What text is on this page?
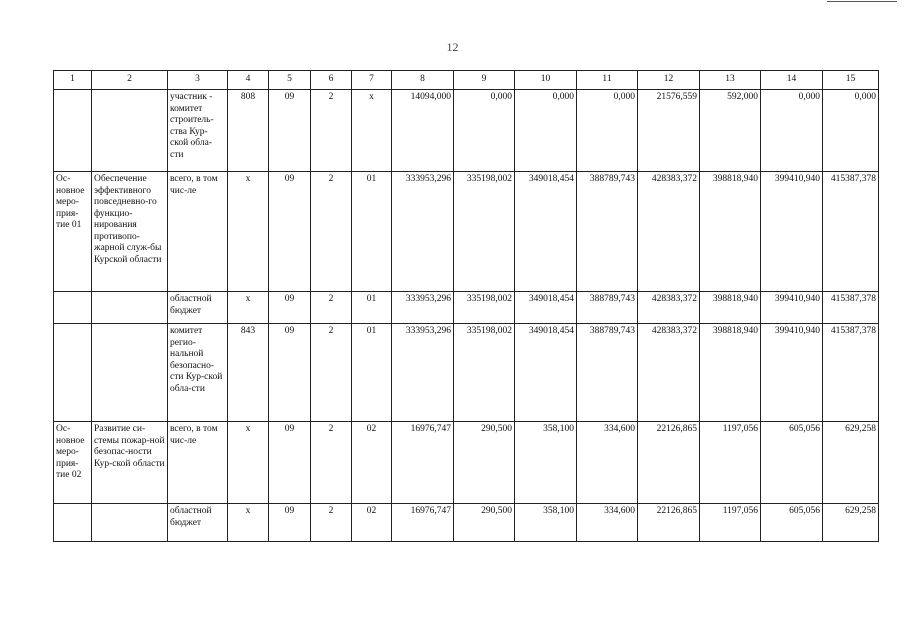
12
1	2	3	4	5	6	7	8	9	10	11	12	13	14	15
		участник - комитет строитель-ства Кур-ской обла-сти	808	09	2	х	14094,000	0,000	0,000	0,000	21576,559	592,000	0,000	0,000
Ос-новное меро-прия-тие 01	Обеспечение эффективного повседневно-го функцио-нирования противопо-жарной служ-бы Курской области	всего, в том чис-ле	х	09	2	01	333953,296	335198,002	349018,454	388789,743	428383,372	398818,940	399410,940	415387,378
		областной бюджет	х	09	2	01	333953,296	335198,002	349018,454	388789,743	428383,372	398818,940	399410,940	415387,378
		комитет регио-нальной безопасно-сти Кур-ской обла-сти	843	09	2	01	333953,296	335198,002	349018,454	388789,743	428383,372	398818,940	399410,940	415387,378
Ос-новное меро-прия-тие 02	Развитие си-стемы пожар-ной безопас-ности Кур-ской области	всего, в том чис-ле	х	09	2	02	16976,747	290,500	358,100	334,600	22126,865	1197,056	605,056	629,258
		областной бюджет	х	09	2	02	16976,747	290,500	358,100	334,600	22126,865	1197,056	605,056	629,258
